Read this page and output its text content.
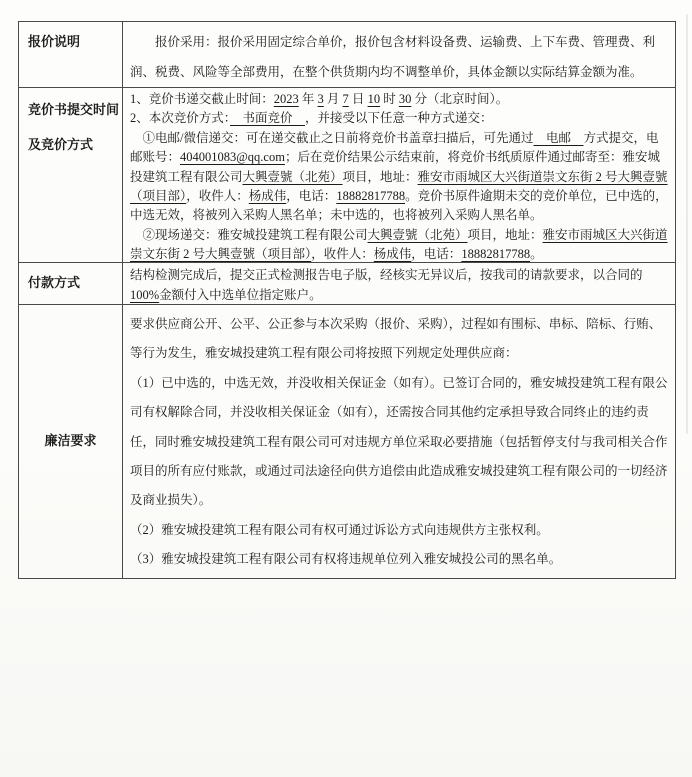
报价说明	报价采用：报价采用固定综合单价，报价包含材料设备费、运输费、上下车费、管理费、利润、税费、风险等全部费用，在整个供货期内均不调整单价，具体金额以实际结算金额为准。

竞价书提交时间及竞价方式

1、竞价书递交截止时间：2023 年 3 月 7 日 10 时 30 分（北京时间）。

2、本次竞价方式：　书面竞价　，并接受以下任意一种方式递交：

①电邮/微信递交：可在递交截止之日前将竞价书盖章扫描后，可先通过　电邮　方式提交，电邮账号：404001083@qq.com；后在竞价结果公示结束前，将竞价书纸质原件通过邮寄至：雅安城投建筑工程有限公司大興壹號（北苑）项目，地址：雅安市雨城区大兴街道崇文东街 2 号大興壹號（项目部），收件人：杨成伟，电话：18882817788。竞价书原件逾期未交的竞价单位，已中选的，中选无效，将被列入采购人黑名单；未中选的，也将被列入采购人黑名单。

②现场递交：雅安城投建筑工程有限公司大興壹號（北苑）项目，地址：雅安市雨城区大兴街道崇文东街 2 号大興壹號（项目部），收件人：杨成伟，电话：18882817788。

付款方式

结构检测完成后，提交正式检测报告电子版，经核实无异议后，按我司的请款要求，以合同的 100%金额付入中选单位指定账户。

廉洁要求

要求供应商公开、公平、公正参与本次采购（报价、采购），过程如有围标、串标、陪标、行贿、等行为发生，雅安城投建筑工程有限公司将按照下列规定处理供应商：

（1）已中选的，中选无效，并没收相关保证金（如有）。已签订合同的，雅安城投建筑工程有限公司有权解除合同，并没收相关保证金（如有），还需按合同其他约定承担导致合同终止的违约责任，同时雅安城投建筑工程有限公司可对违规方单位采取必要措施（包括暂停支付与我司相关合作项目的所有应付账款，或通过司法途径向供方追偿由此造成雅安城投建筑工程有限公司的一切经济及商业损失）。

（2）雅安城投建筑工程有限公司有权可通过诉讼方式向违规供方主张权利。

（3）雅安城投建筑工程有限公司有权将违规单位列入雅安城投公司的黑名单。
